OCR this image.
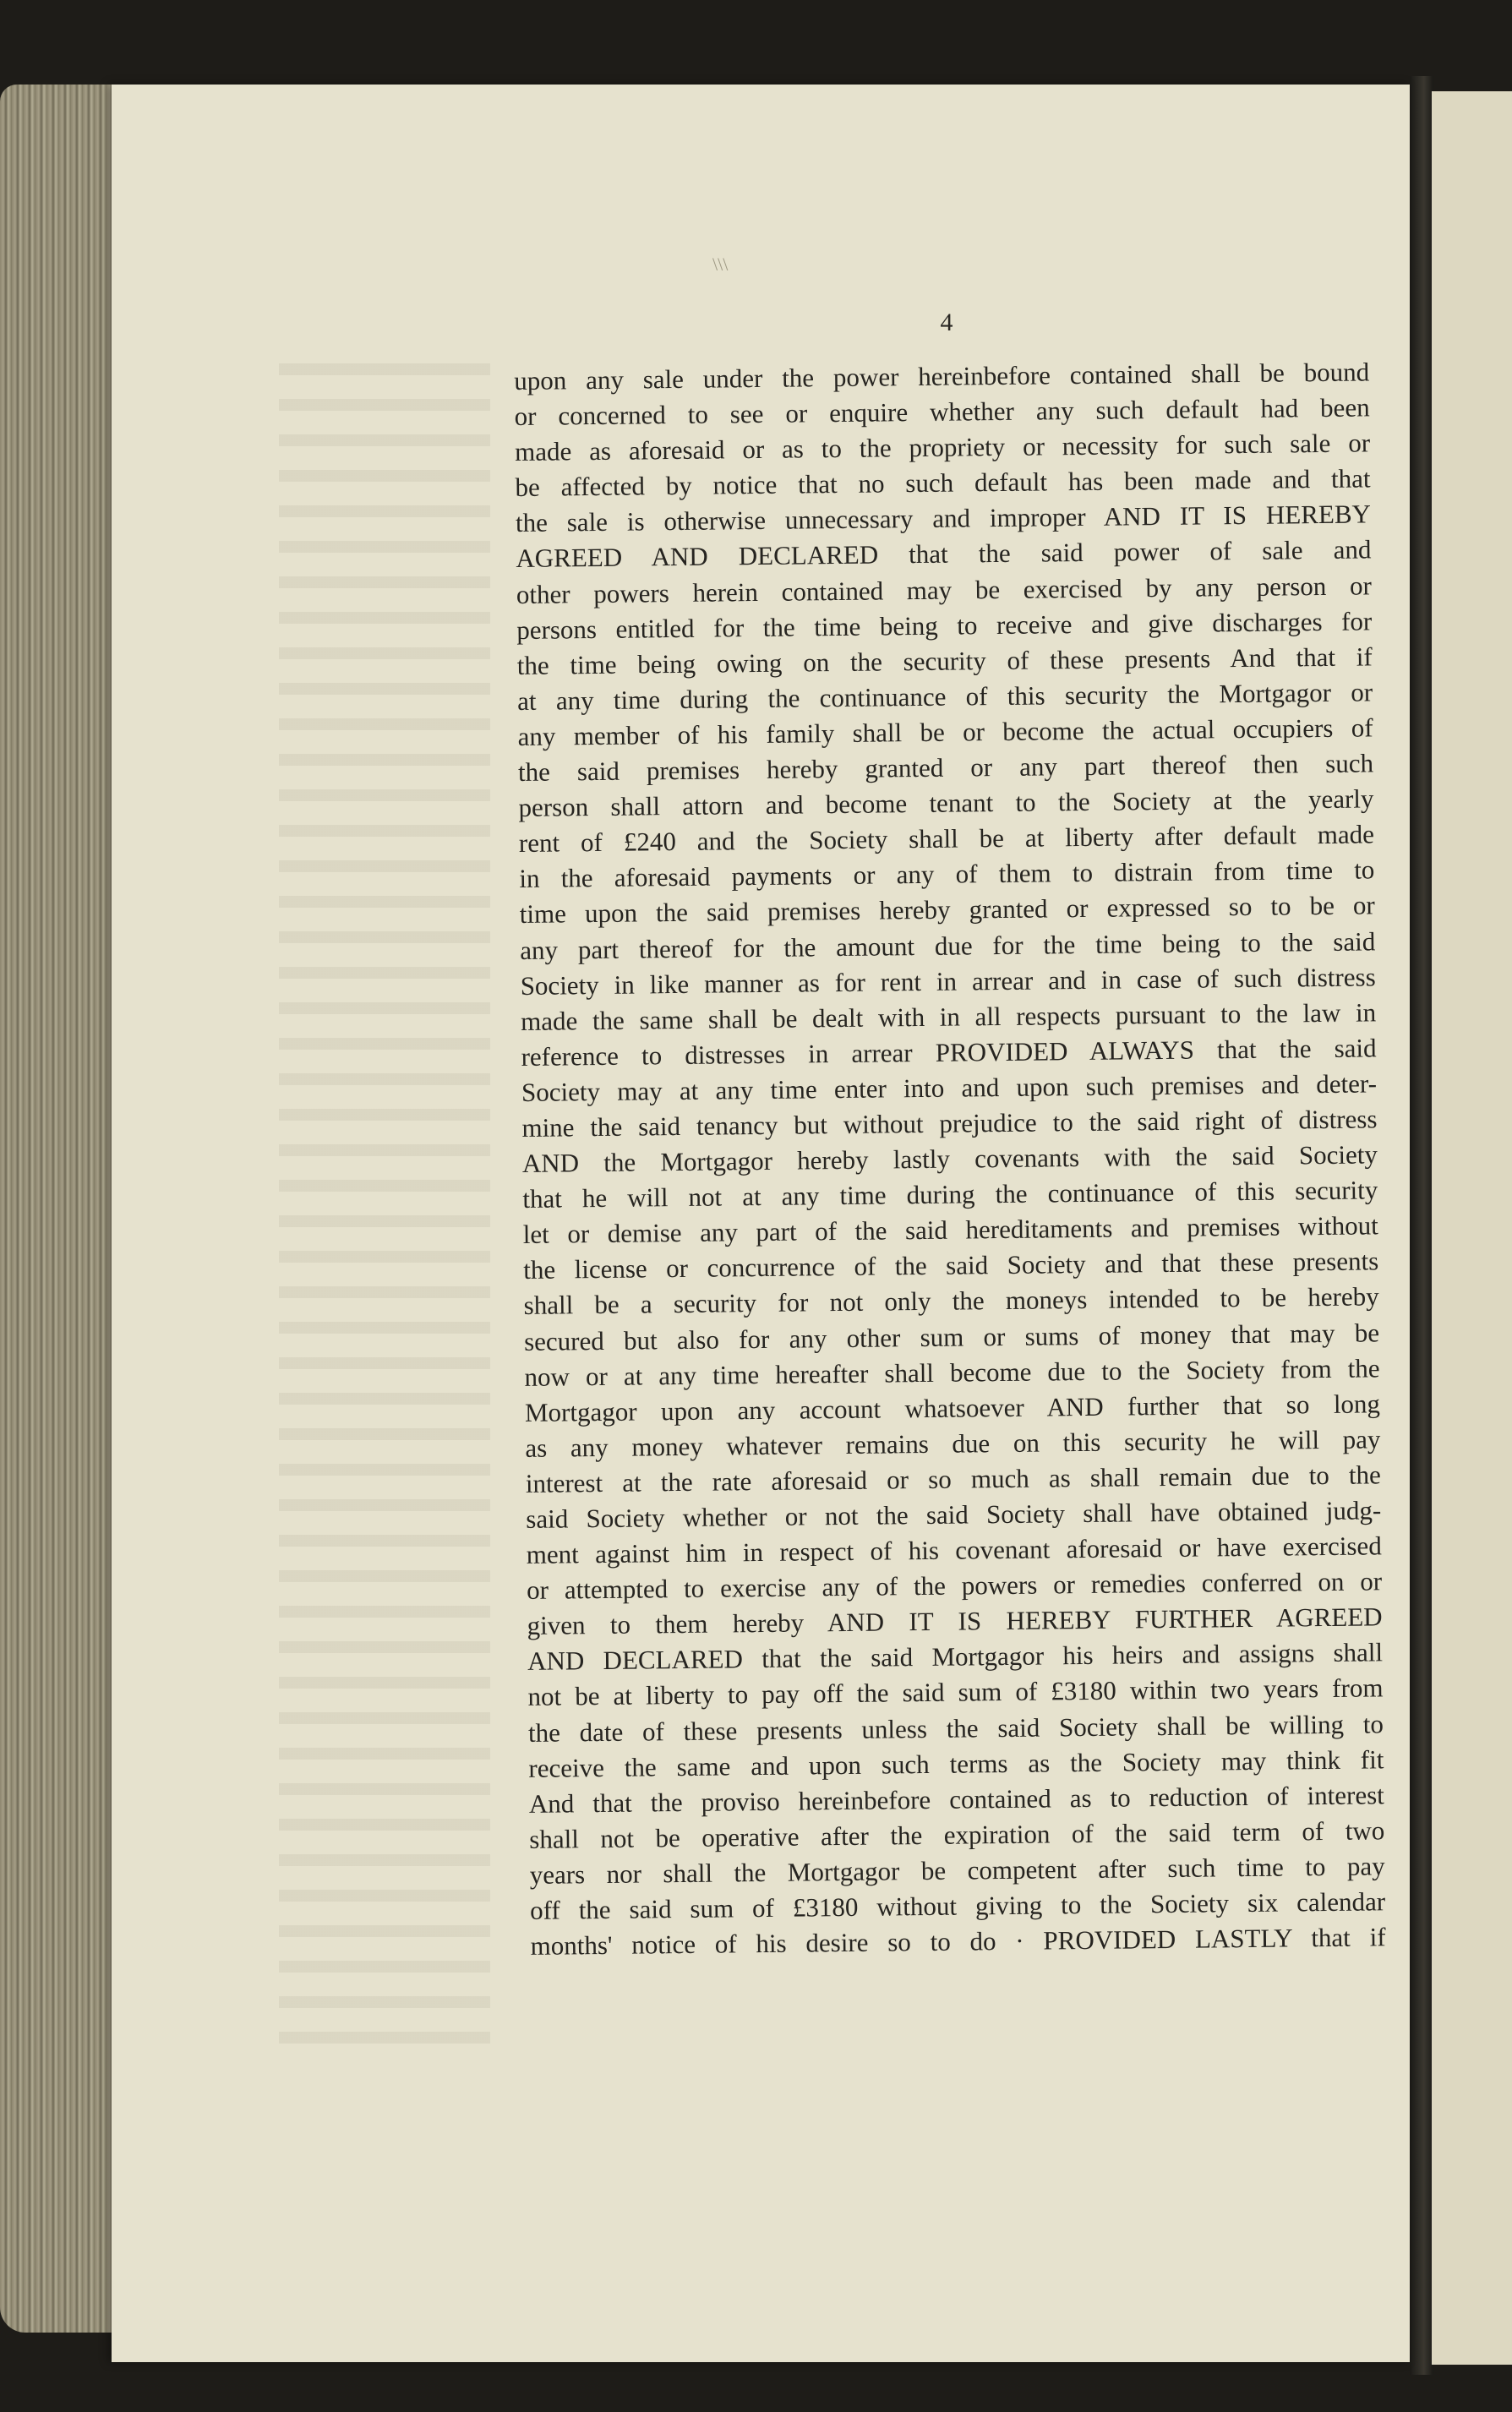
\\\
4
upon any sale under the power hereinbefore contained shall be bound
or concerned to see or enquire whether any such default had been
made as aforesaid or as to the propriety or necessity for such sale or
be affected by notice that no such default has been made and that
the sale is otherwise unnecessary and improper AND IT IS HEREBY
AGREED AND DECLARED that the said power of sale and
other powers herein contained may be exercised by any person or
persons entitled for the time being to receive and give discharges for
the time being owing on the security of these presents And that if
at any time during the continuance of this security the Mortgagor or
any member of his family shall be or become the actual occupiers of
the said premises hereby granted or any part thereof then such
person shall attorn and become tenant to the Society at the yearly
rent of £240 and the Society shall be at liberty after default made
in the aforesaid payments or any of them to distrain from time to
time upon the said premises hereby granted or expressed so to be or
any part thereof for the amount due for the time being to the said
Society in like manner as for rent in arrear and in case of such distress
made the same shall be dealt with in all respects pursuant to the law in
reference to distresses in arrear PROVIDED ALWAYS that the said
Society may at any time enter into and upon such premises and deter-
mine the said tenancy but without prejudice to the said right of distress
AND the Mortgagor hereby lastly covenants with the said Society
that he will not at any time during the continuance of this security
let or demise any part of the said hereditaments and premises without
the license or concurrence of the said Society and that these presents
shall be a security for not only the moneys intended to be hereby
secured but also for any other sum or sums of money that may be
now or at any time hereafter shall become due to the Society from the
Mortgagor upon any account whatsoever AND further that so long
as any money whatever remains due on this security he will pay
interest at the rate aforesaid or so much as shall remain due to the
said Society whether or not the said Society shall have obtained judg-
ment against him in respect of his covenant aforesaid or have exercised
or attempted to exercise any of the powers or remedies conferred on or
given to them hereby AND IT IS HEREBY FURTHER AGREED
AND DECLARED that the said Mortgagor his heirs and assigns shall
not be at liberty to pay off the said sum of £3180 within two years from
the date of these presents unless the said Society shall be willing to
receive the same and upon such terms as the Society may think fit
And that the proviso hereinbefore contained as to reduction of interest
shall not be operative after the expiration of the said term of two
years nor shall the Mortgagor be competent after such time to pay
off the said sum of £3180 without giving to the Society six calendar
months' notice of his desire so to do · PROVIDED LASTLY that if
